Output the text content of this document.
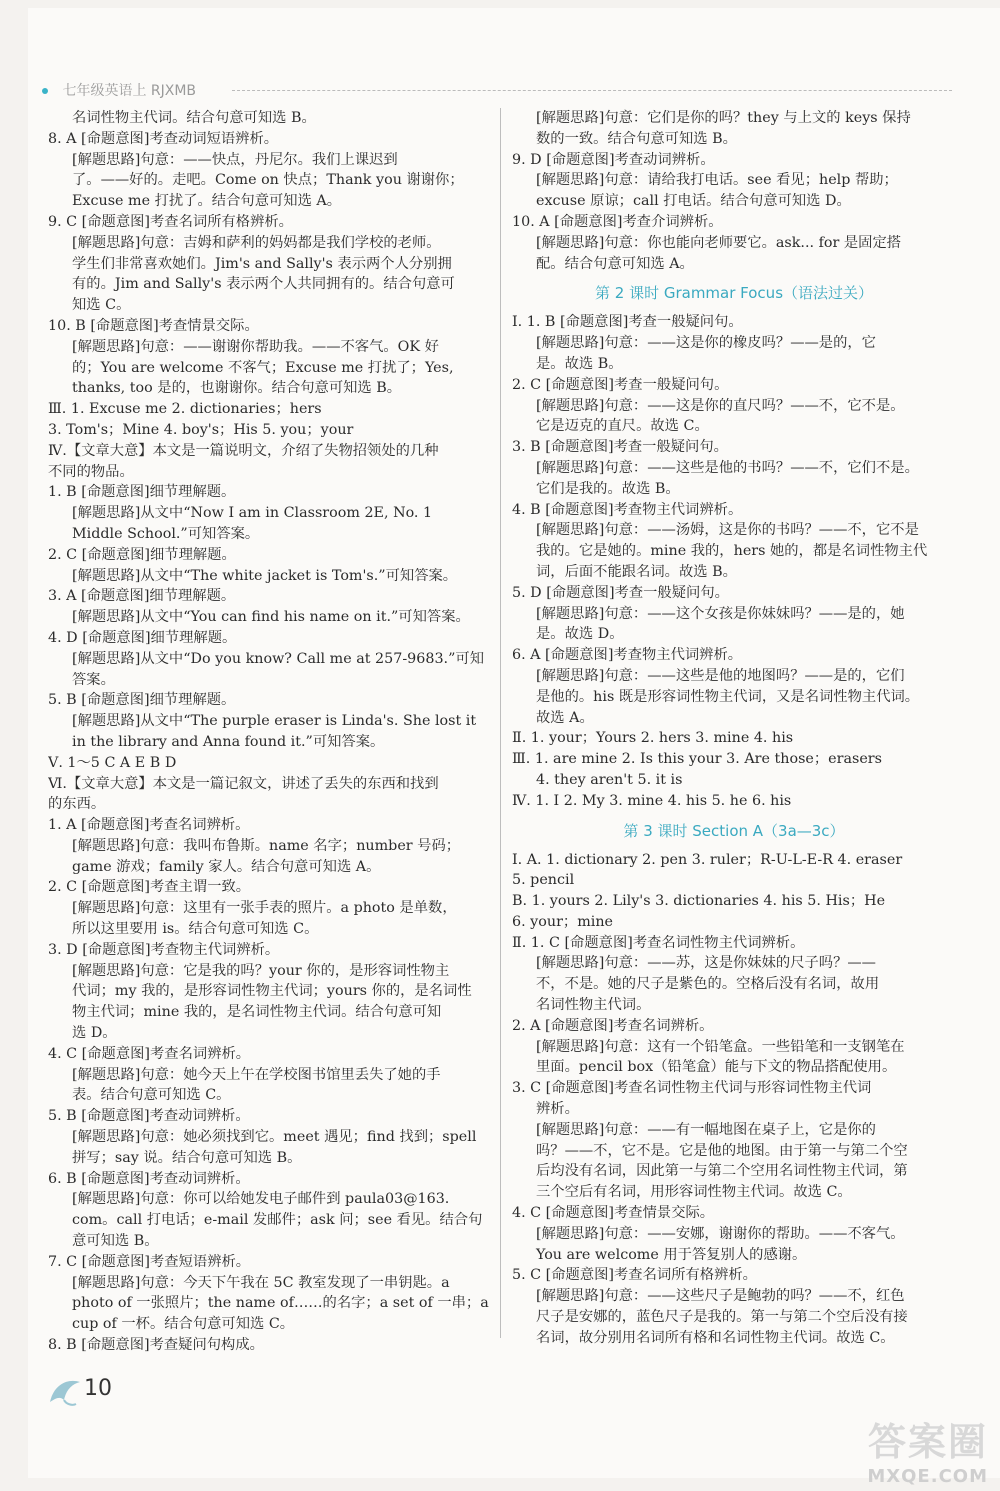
七年级英语上 RJXMB
名词性物主代词。结合句意可知选 B。
8. A [命题意图]考查动词短语辨析。
[解题思路]句意：——快点，丹尼尔。我们上课迟到
了。——好的。走吧。Come on 快点；Thank you 谢谢你；
Excuse me 打扰了。结合句意可知选 A。
9. C [命题意图]考查名词所有格辨析。
[解题思路]句意：吉姆和萨利的妈妈都是我们学校的老师。
学生们非常喜欢她们。Jim's and Sally's 表示两个人分别拥
有的。Jim and Sally's 表示两个人共同拥有的。结合句意可
知选 C。
10. B [命题意图]考查情景交际。
[解题思路]句意：——谢谢你帮助我。——不客气。OK 好
的；You are welcome 不客气；Excuse me 打扰了；Yes,
thanks, too 是的，也谢谢你。结合句意可知选 B。
Ⅲ. 1. Excuse me 2. dictionaries；hers
3. Tom's；Mine 4. boy's；His 5. you；your
Ⅳ.【文章大意】本文是一篇说明文，介绍了失物招领处的几种
不同的物品。
1. B [命题意图]细节理解题。
[解题思路]从文中“Now I am in Classroom 2E, No. 1
Middle School.”可知答案。
2. C [命题意图]细节理解题。
[解题思路]从文中“The white jacket is Tom's.”可知答案。
3. A [命题意图]细节理解题。
[解题思路]从文中“You can find his name on it.”可知答案。
4. D [命题意图]细节理解题。
[解题思路]从文中“Do you know? Call me at 257-9683.”可知
答案。
5. B [命题意图]细节理解题。
[解题思路]从文中“The purple eraser is Linda's. She lost it
in the library and Anna found it.”可知答案。
Ⅴ. 1～5 C A E B D
Ⅵ.【文章大意】本文是一篇记叙文，讲述了丢失的东西和找到
的东西。
1. A [命题意图]考查名词辨析。
[解题思路]句意：我叫布鲁斯。name 名字；number 号码；
game 游戏；family 家人。结合句意可知选 A。
2. C [命题意图]考查主谓一致。
[解题思路]句意：这里有一张手表的照片。a photo 是单数，
所以这里要用 is。结合句意可知选 C。
3. D [命题意图]考查物主代词辨析。
[解题思路]句意：它是我的吗？your 你的，是形容词性物主
代词；my 我的，是形容词性物主代词；yours 你的，是名词性
物主代词；mine 我的，是名词性物主代词。结合句意可知
选 D。
4. C [命题意图]考查名词辨析。
[解题思路]句意：她今天上午在学校图书馆里丢失了她的手
表。结合句意可知选 C。
5. B [命题意图]考查动词辨析。
[解题思路]句意：她必须找到它。meet 遇见；find 找到；spell
拼写；say 说。结合句意可知选 B。
6. B [命题意图]考查动词辨析。
[解题思路]句意：你可以给她发电子邮件到 paula03@163.
com。call 打电话；e-mail 发邮件；ask 问；see 看见。结合句
意可知选 B。
7. C [命题意图]考查短语辨析。
[解题思路]句意：今天下午我在 5C 教室发现了一串钥匙。a
photo of 一张照片；the name of……的名字；a set of 一串；a
cup of 一杯。结合句意可知选 C。
8. B [命题意图]考查疑问句构成。
[解题思路]句意：它们是你的吗？they 与上文的 keys 保持
数的一致。结合句意可知选 B。
9. D [命题意图]考查动词辨析。
[解题思路]句意：请给我打电话。see 看见；help 帮助；
excuse 原谅；call 打电话。结合句意可知选 D。
10. A [命题意图]考查介词辨析。
[解题思路]句意：你也能向老师要它。ask... for 是固定搭
配。结合句意可知选 A。
第 2 课时 Grammar Focus（语法过关）
Ⅰ. 1. B [命题意图]考查一般疑问句。
[解题思路]句意：——这是你的橡皮吗？——是的，它
是。故选 B。
2. C [命题意图]考查一般疑问句。
[解题思路]句意：——这是你的直尺吗？——不，它不是。
它是迈克的直尺。故选 C。
3. B [命题意图]考查一般疑问句。
[解题思路]句意：——这些是他的书吗？——不，它们不是。
它们是我的。故选 B。
4. B [命题意图]考查物主代词辨析。
[解题思路]句意：——汤姆，这是你的书吗？——不，它不是
我的。它是她的。mine 我的，hers 她的，都是名词性物主代
词，后面不能跟名词。故选 B。
5. D [命题意图]考查一般疑问句。
[解题思路]句意：——这个女孩是你妹妹吗？——是的，她
是。故选 D。
6. A [命题意图]考查物主代词辨析。
[解题思路]句意：——这些是他的地图吗？——是的，它们
是他的。his 既是形容词性物主代词，又是名词性物主代词。
故选 A。
Ⅱ. 1. your；Yours 2. hers 3. mine 4. his
Ⅲ. 1. are mine 2. Is this your 3. Are those；erasers
4. they aren't 5. it is
Ⅳ. 1. I 2. My 3. mine 4. his 5. he 6. his
第 3 课时 Section A（3a—3c）
Ⅰ. A. 1. dictionary 2. pen 3. ruler；R-U-L-E-R 4. eraser
5. pencil
B. 1. yours 2. Lily's 3. dictionaries 4. his 5. His；He
6. your；mine
Ⅱ. 1. C [命题意图]考查名词性物主代词辨析。
[解题思路]句意：——苏，这是你妹妹的尺子吗？——
不，不是。她的尺子是紫色的。空格后没有名词，故用
名词性物主代词。
2. A [命题意图]考查名词辨析。
[解题思路]句意：这有一个铅笔盒。一些铅笔和一支钢笔在
里面。pencil box（铅笔盒）能与下文的物品搭配使用。
3. C [命题意图]考查名词性物主代词与形容词性物主代词
辨析。
[解题思路]句意：——有一幅地图在桌子上，它是你的
吗？——不，它不是。它是他的地图。由于第一与第二个空
后均没有名词，因此第一与第二个空用名词性物主代词，第
三个空后有名词，用形容词性物主代词。故选 C。
4. C [命题意图]考查情景交际。
[解题思路]句意：——安娜，谢谢你的帮助。——不客气。
You are welcome 用于答复别人的感谢。
5. C [命题意图]考查名词所有格辨析。
[解题思路]句意：——这些尺子是鲍勃的吗？——不，红色
尺子是安娜的，蓝色尺子是我的。第一与第二个空后没有接
名词，故分别用名词所有格和名词性物主代词。故选 C。
10
答案圈
MXQE.COM
